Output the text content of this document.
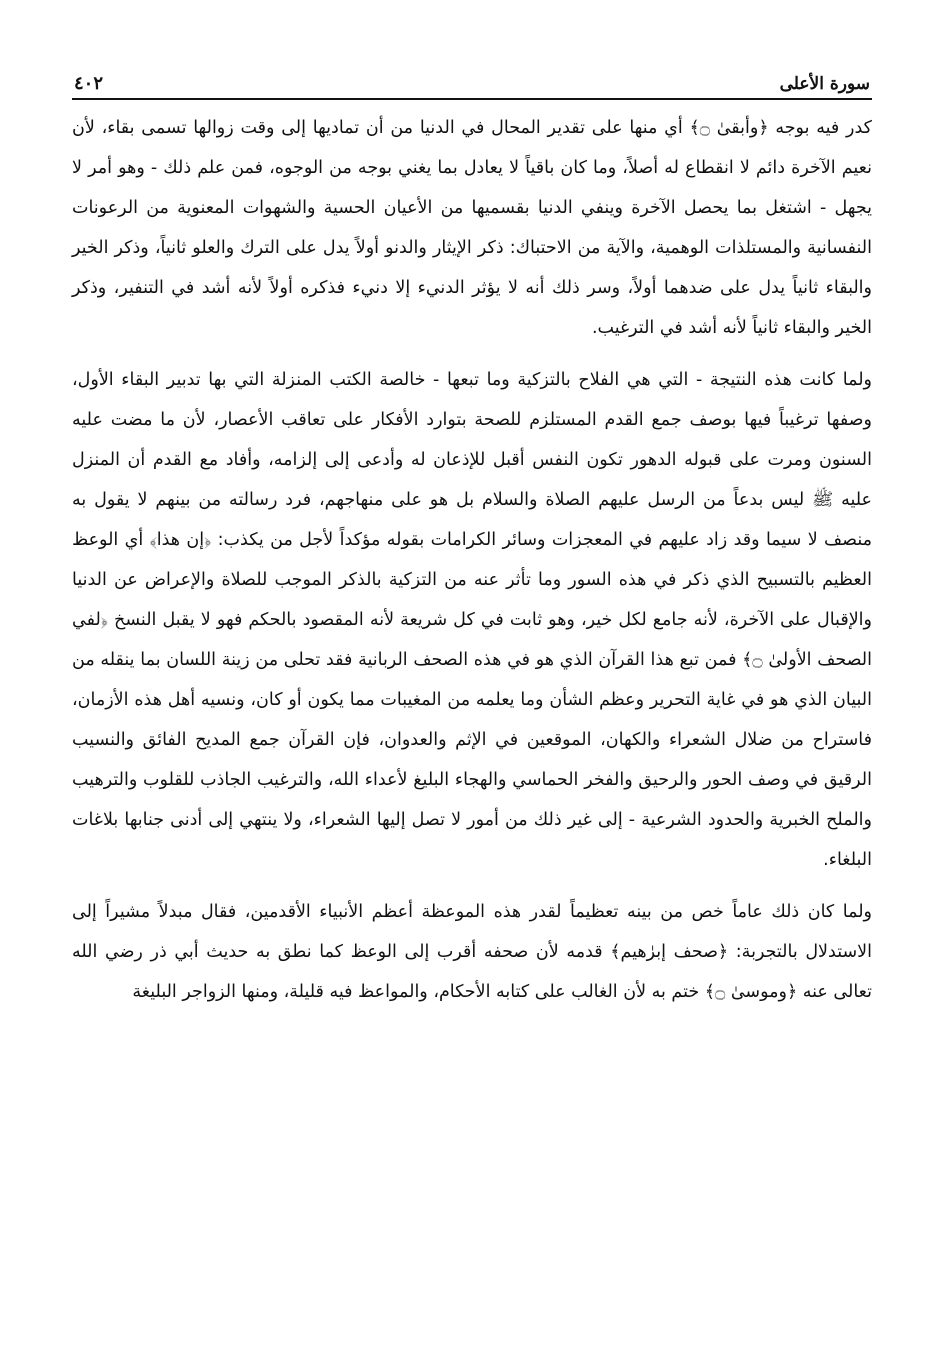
سورة الأعلى
٤٠٢

كدر فيه بوجه ﴿وأبقىٰ ۝﴾ أي منها على تقدير المحال في الدنيا من أن تماديها إلى وقت زوالها تسمى بقاء، لأن نعيم الآخرة دائم لا انقطاع له أصلاً، وما كان باقياً لا يعادل بما يغني بوجه من الوجوه، فمن علم ذلك - وهو أمر لا يجهل - اشتغل بما يحصل الآخرة وينفي الدنيا بقسميها من الأعيان الحسية والشهوات المعنوية من الرعونات النفسانية والمستلذات الوهمية، والآية من الاحتباك: ذكر الإيثار والدنو أولاً يدل على الترك والعلو ثانياً، وذكر الخير والبقاء ثانياً يدل على ضدهما أولاً، وسر ذلك أنه لا يؤثر الدنيء إلا دنيء فذكره أولاً لأنه أشد في التنفير، وذكر الخير والبقاء ثانياً لأنه أشد في الترغيب.

ولما كانت هذه النتيجة - التي هي الفلاح بالتزكية وما تبعها - خالصة الكتب المنزلة التي بها تدبير البقاء الأول، وصفها ترغيباً فيها بوصف جمع القدم المستلزم للصحة بتوارد الأفكار على تعاقب الأعصار، لأن ما مضت عليه السنون ومرت على قبوله الدهور تكون النفس أقبل للإذعان له وأدعى إلى إلزامه، وأفاد مع القدم أن المنزل عليه ﷺ ليس بدعاً من الرسل عليهم الصلاة والسلام بل هو على منهاجهم، فرد رسالته من بينهم لا يقول به منصف لا سيما وقد زاد عليهم في المعجزات وسائر الكرامات بقوله مؤكداً لأجل من يكذب: ﴿إن هذا﴾ أي الوعظ العظيم بالتسبيح الذي ذكر في هذه السور وما تأثر عنه من التزكية بالذكر الموجب للصلاة والإعراض عن الدنيا والإقبال على الآخرة، لأنه جامع لكل خير، وهو ثابت في كل شريعة لأنه المقصود بالحكم فهو لا يقبل النسخ ﴿لفي الصحف الأولىٰ ۝﴾ فمن تبع هذا القرآن الذي هو في هذه الصحف الربانية فقد تحلى من زينة اللسان بما ينقله من البيان الذي هو في غاية التحرير وعظم الشأن وما يعلمه من المغيبات مما يكون أو كان، ونسيه أهل هذه الأزمان، فاستراح من ضلال الشعراء والكهان، الموقعين في الإثم والعدوان، فإن القرآن جمع المديح الفائق والنسيب الرقيق في وصف الحور والرحيق والفخر الحماسي والهجاء البليغ لأعداء الله، والترغيب الجاذب للقلوب والترهيب والملح الخبرية والحدود الشرعية - إلى غير ذلك من أمور لا تصل إليها الشعراء، ولا ينتهي إلى أدنى جنابها بلاغات البلغاء.

ولما كان ذلك عاماً خص من بينه تعظيماً لقدر هذه الموعظة أعظم الأنبياء الأقدمين، فقال مبدلاً مشيراً إلى الاستدلال بالتجربة: ﴿صحف إبرٰهيم﴾ قدمه لأن صحفه أقرب إلى الوعظ كما نطق به حديث أبي ذر رضي الله تعالى عنه ﴿وموسىٰ ۝﴾ ختم به لأن الغالب على كتابه الأحكام، والمواعظ فيه قليلة، ومنها الزواجر البليغة
